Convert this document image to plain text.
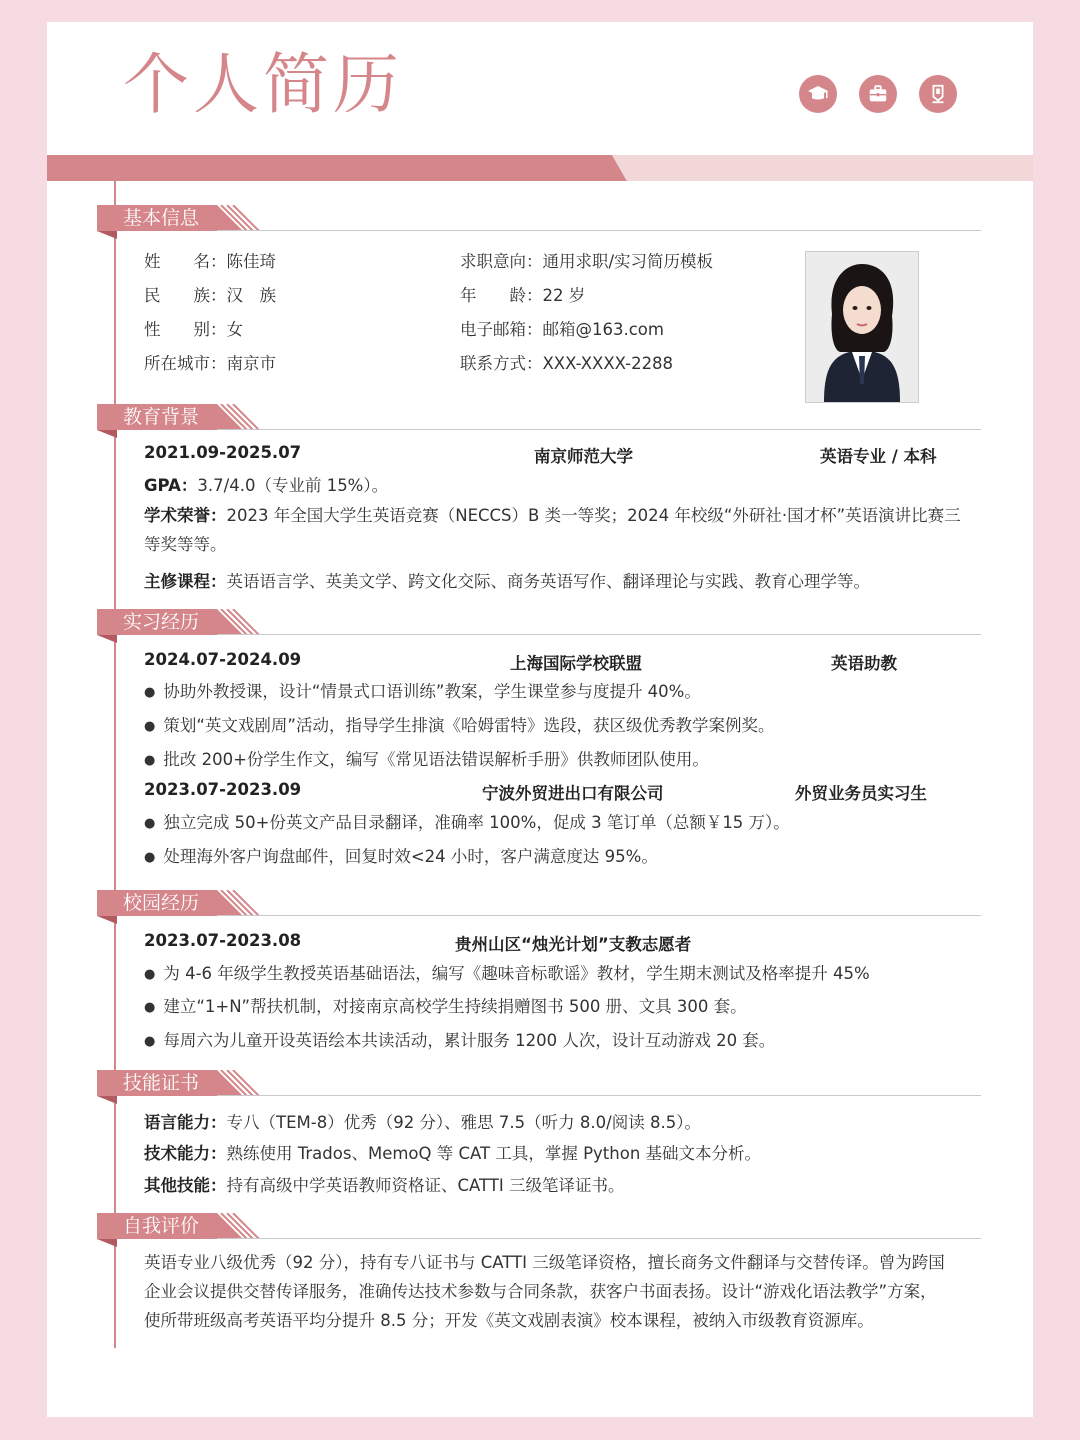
个人简历
基本信息
姓　　名：陈佳琦
民　　族：汉　族
性　　别：女
所在城市：南京市
求职意向：通用求职/实习简历模板
年　　龄：22 岁
电子邮箱：邮箱@163.com
联系方式：XXX-XXXX-2288
教育背景
2021.09-2025.07	南京师范大学	英语专业 / 本科
GPA：3.7/4.0（专业前 15%）。
学术荣誉：2023 年全国大学生英语竞赛（NECCS）B 类一等奖；2024 年校级“外研社·国才杯”英语演讲比赛三
等奖等等。
主修课程：英语语言学、英美文学、跨文化交际、商务英语写作、翻译理论与实践、教育心理学等。
实习经历
2024.07-2024.09	上海国际学校联盟	英语助教
● 协助外教授课，设计“情景式口语训练”教案，学生课堂参与度提升 40%。
● 策划“英文戏剧周”活动，指导学生排演《哈姆雷特》选段，获区级优秀教学案例奖。
● 批改 200+份学生作文，编写《常见语法错误解析手册》供教师团队使用。
2023.07-2023.09	宁波外贸进出口有限公司	外贸业务员实习生
● 独立完成 50+份英文产品目录翻译，准确率 100%，促成 3 笔订单（总额￥15 万）。
● 处理海外客户询盘邮件，回复时效<24 小时，客户满意度达 95%。
校园经历
2023.07-2023.08	贵州山区“烛光计划”支教志愿者
● 为 4-6 年级学生教授英语基础语法，编写《趣味音标歌谣》教材，学生期末测试及格率提升 45%
● 建立“1+N”帮扶机制，对接南京高校学生持续捐赠图书 500 册、文具 300 套。
● 每周六为儿童开设英语绘本共读活动，累计服务 1200 人次，设计互动游戏 20 套。
技能证书
语言能力：专八（TEM-8）优秀（92 分）、雅思 7.5（听力 8.0/阅读 8.5）。
技术能力：熟练使用 Trados、MemoQ 等 CAT 工具，掌握 Python 基础文本分析。
其他技能：持有高级中学英语教师资格证、CATTI 三级笔译证书。
自我评价
英语专业八级优秀（92 分），持有专八证书与 CATTI 三级笔译资格，擅长商务文件翻译与交替传译。曾为跨国
企业会议提供交替传译服务，准确传达技术参数与合同条款，获客户书面表扬。设计“游戏化语法教学”方案，
使所带班级高考英语平均分提升 8.5 分；开发《英文戏剧表演》校本课程，被纳入市级教育资源库。
